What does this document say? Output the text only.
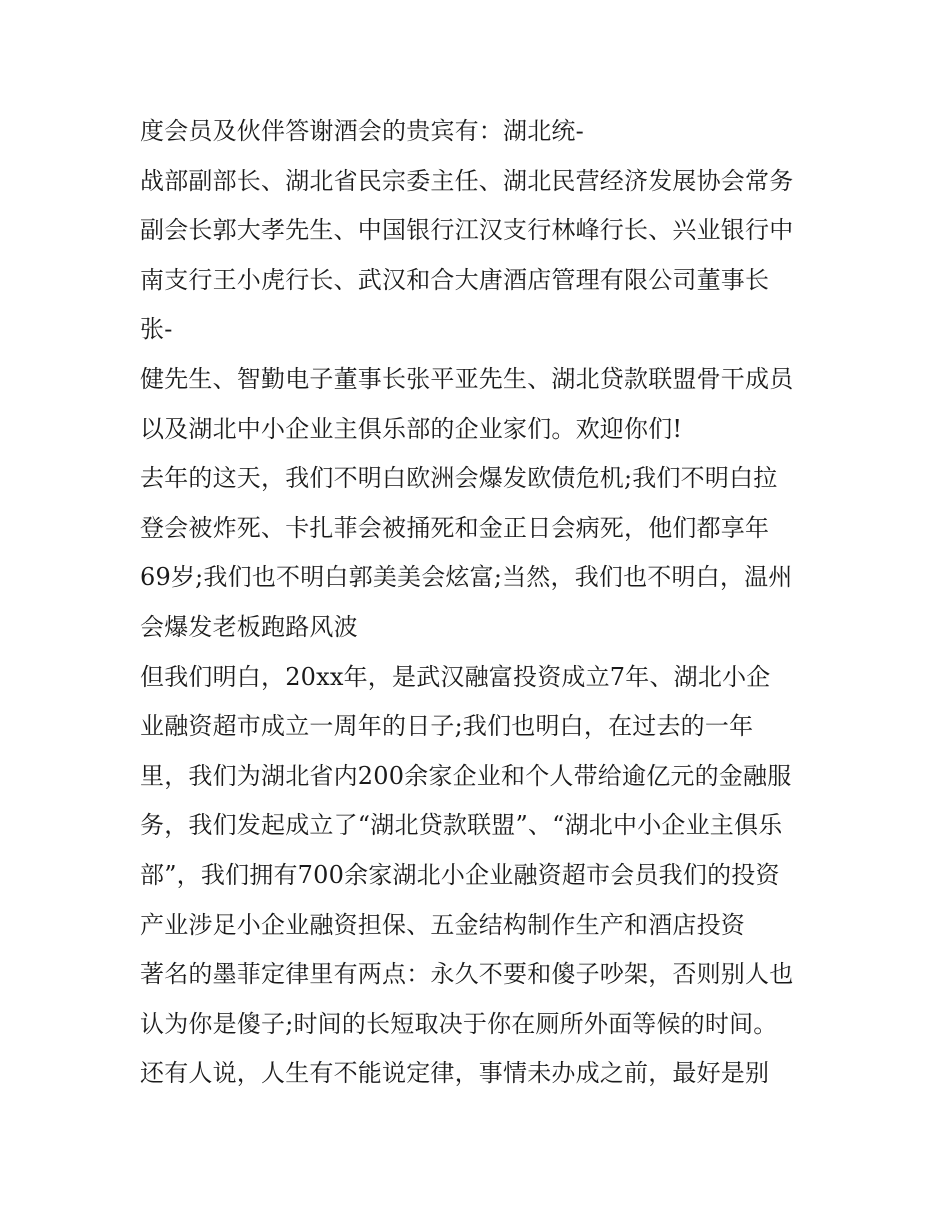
度会员及伙伴答谢酒会的贵宾有：湖北统-
战部副部长、湖北省民宗委主任、湖北民营经济发展协会常务
副会长郭大孝先生、中国银行江汉支行林峰行长、兴业银行中
南支行王小虎行长、武汉和合大唐酒店管理有限公司董事长
张-
健先生、智勤电子董事长张平亚先生、湖北贷款联盟骨干成员
以及湖北中小企业主俱乐部的企业家们。欢迎你们!
去年的这天，我们不明白欧洲会爆发欧债危机;我们不明白拉
登会被炸死、卡扎菲会被捅死和金正日会病死，他们都享年
69岁;我们也不明白郭美美会炫富;当然，我们也不明白，温州
会爆发老板跑路风波
但我们明白，20xx年，是武汉融富投资成立7年、湖北小企
业融资超市成立一周年的日子;我们也明白，在过去的一年
里，我们为湖北省内200余家企业和个人带给逾亿元的金融服
务，我们发起成立了“湖北贷款联盟”、“湖北中小企业主俱乐
部”，我们拥有700余家湖北小企业融资超市会员我们的投资
产业涉足小企业融资担保、五金结构制作生产和酒店投资
著名的墨菲定律里有两点：永久不要和傻子吵架，否则别人也
认为你是傻子;时间的长短取决于你在厕所外面等候的时间。
还有人说，人生有不能说定律，事情未办成之前，最好是别
